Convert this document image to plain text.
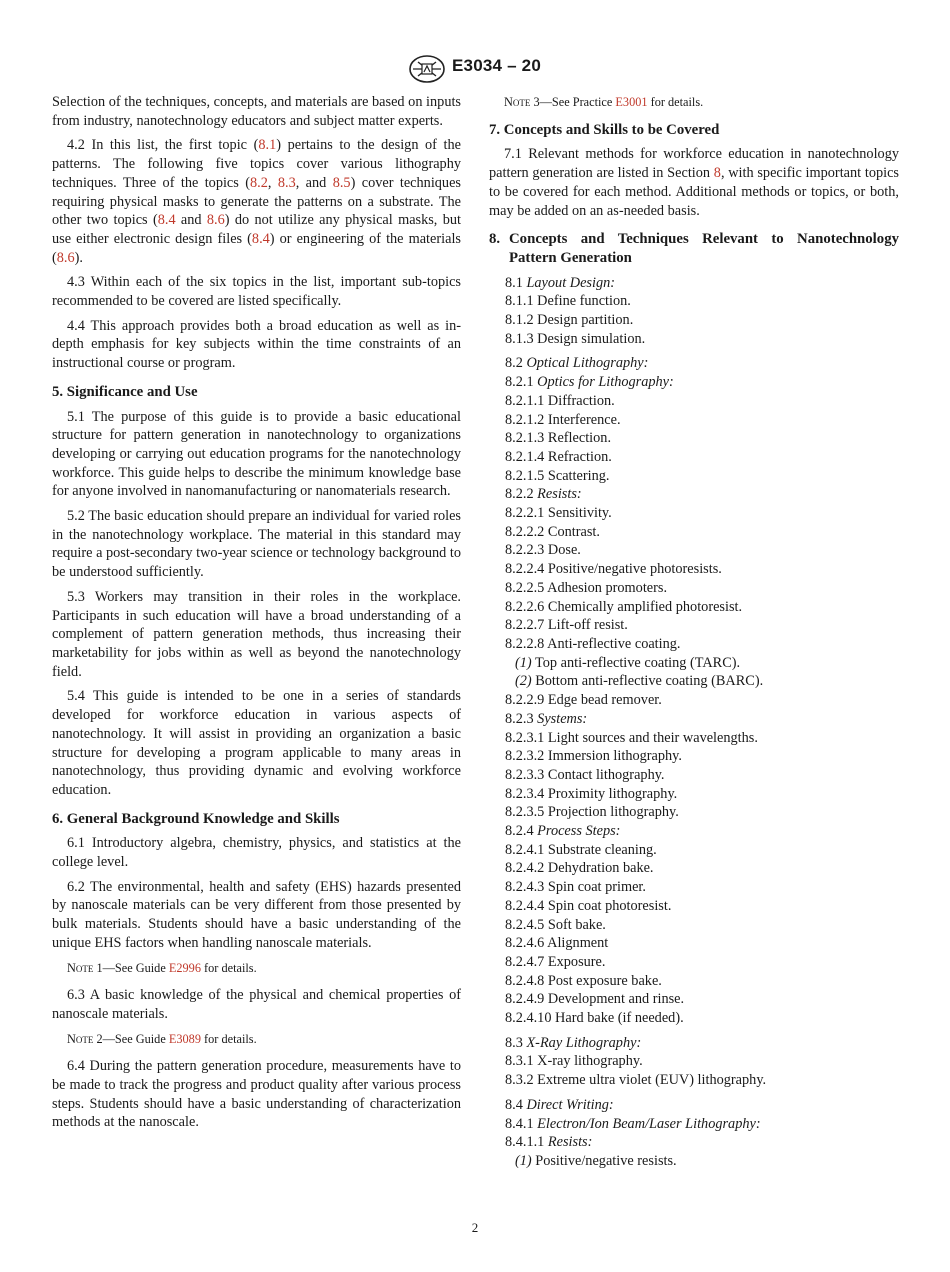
E3034 – 20

Selection of the techniques, concepts, and materials are based on inputs from industry, nanotechnology educators and subject matter experts.

4.2 In this list, the first topic (8.1) pertains to the design of the patterns. The following five topics cover various lithography techniques. Three of the topics (8.2, 8.3, and 8.5) cover techniques requiring physical masks to generate the patterns on a substrate. The other two topics (8.4 and 8.6) do not utilize any physical masks, but use either electronic design files (8.4) or engineering of the materials (8.6).

4.3 Within each of the six topics in the list, important sub-topics recommended to be covered are listed specifically.

4.4 This approach provides both a broad education as well as in-depth emphasis for key subjects within the time constraints of an instructional course or program.

5. Significance and Use

5.1 The purpose of this guide is to provide a basic educational structure for pattern generation in nanotechnology to organizations developing or carrying out education programs for the nanotechnology workforce. This guide helps to describe the minimum knowledge base for anyone involved in nanomanufacturing or nanomaterials research.

5.2 The basic education should prepare an individual for varied roles in the nanotechnology workplace. The material in this standard may require a post-secondary two-year science or technology background to be understood sufficiently.

5.3 Workers may transition in their roles in the workplace. Participants in such education will have a broad understanding of a complement of pattern generation methods, thus increasing their marketability for jobs within as well as beyond the nanotechnology field.

5.4 This guide is intended to be one in a series of standards developed for workforce education in various aspects of nanotechnology. It will assist in providing an organization a basic structure for developing a program applicable to many areas in nanotechnology, thus providing dynamic and evolving workforce education.

6. General Background Knowledge and Skills

6.1 Introductory algebra, chemistry, physics, and statistics at the college level.

6.2 The environmental, health and safety (EHS) hazards presented by nanoscale materials can be very different from those presented by bulk materials. Students should have a basic understanding of the unique EHS factors when handling nanoscale materials.

Note 1—See Guide E2996 for details.

6.3 A basic knowledge of the physical and chemical properties of nanoscale materials.

Note 2—See Guide E3089 for details.

6.4 During the pattern generation procedure, measurements have to be made to track the progress and product quality after various process steps. Students should have a basic understanding of characterization methods at the nanoscale.

Note 3—See Practice E3001 for details.

7. Concepts and Skills to be Covered

7.1 Relevant methods for workforce education in nanotechnology pattern generation are listed in Section 8, with specific important topics to be covered for each method. Additional methods or topics, or both, may be added on an as-needed basis.

8. Concepts and Techniques Relevant to Nanotechnology Pattern Generation

8.1 Layout Design:

8.1.1 Define function.

8.1.2 Design partition.

8.1.3 Design simulation.

8.2 Optical Lithography:

8.2.1 Optics for Lithography:

8.2.1.1 Diffraction.

8.2.1.2 Interference.

8.2.1.3 Reflection.

8.2.1.4 Refraction.

8.2.1.5 Scattering.

8.2.2 Resists:

8.2.2.1 Sensitivity.

8.2.2.2 Contrast.

8.2.2.3 Dose.

8.2.2.4 Positive/negative photoresists.

8.2.2.5 Adhesion promoters.

8.2.2.6 Chemically amplified photoresist.

8.2.2.7 Lift-off resist.

8.2.2.8 Anti-reflective coating.

(1) Top anti-reflective coating (TARC).

(2) Bottom anti-reflective coating (BARC).

8.2.2.9 Edge bead remover.

8.2.3 Systems:

8.2.3.1 Light sources and their wavelengths.

8.2.3.2 Immersion lithography.

8.2.3.3 Contact lithography.

8.2.3.4 Proximity lithography.

8.2.3.5 Projection lithography.

8.2.4 Process Steps:

8.2.4.1 Substrate cleaning.

8.2.4.2 Dehydration bake.

8.2.4.3 Spin coat primer.

8.2.4.4 Spin coat photoresist.

8.2.4.5 Soft bake.

8.2.4.6 Alignment

8.2.4.7 Exposure.

8.2.4.8 Post exposure bake.

8.2.4.9 Development and rinse.

8.2.4.10 Hard bake (if needed).

8.3 X-Ray Lithography:

8.3.1 X-ray lithography.

8.3.2 Extreme ultra violet (EUV) lithography.

8.4 Direct Writing:

8.4.1 Electron/Ion Beam/Laser Lithography:

8.4.1.1 Resists:

(1) Positive/negative resists.

2
